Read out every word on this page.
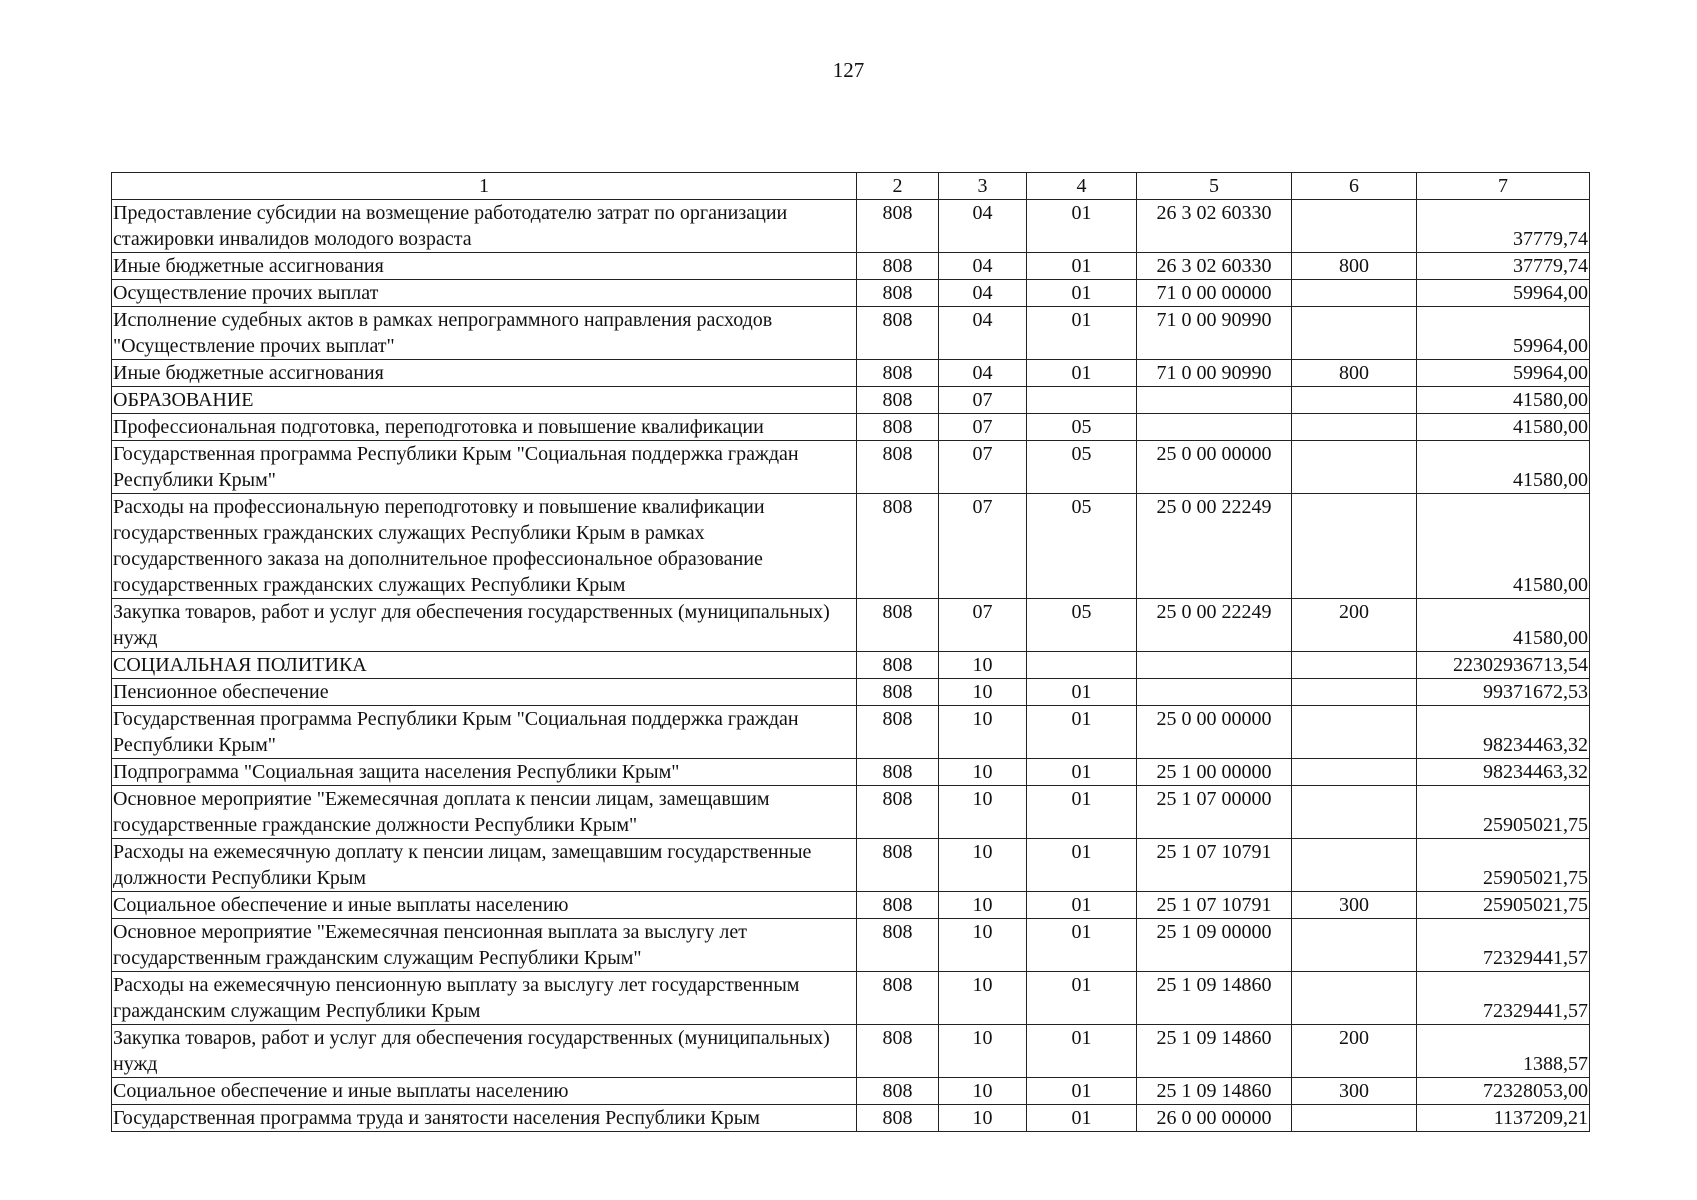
127
1	2	3	4	5	6	7
Предоставление субсидии на возмещение работодателю затрат по организации стажировки инвалидов молодого возраста	808	04	01	26 3 02 60330		37779,74
Иные бюджетные ассигнования	808	04	01	26 3 02 60330	800	37779,74
Осуществление прочих выплат	808	04	01	71 0 00 00000		59964,00
Исполнение судебных актов в рамках непрограммного направления расходов "Осуществление прочих выплат"	808	04	01	71 0 00 90990		59964,00
Иные бюджетные ассигнования	808	04	01	71 0 00 90990	800	59964,00
ОБРАЗОВАНИЕ	808	07				41580,00
Профессиональная подготовка, переподготовка и повышение квалификации	808	07	05			41580,00
Государственная программа Республики Крым "Социальная поддержка граждан Республики Крым"	808	07	05	25 0 00 00000		41580,00
Расходы на профессиональную переподготовку и повышение квалификации государственных гражданских служащих Республики Крым в рамках государственного заказа на дополнительное профессиональное образование государственных гражданских служащих Республики Крым	808	07	05	25 0 00 22249		41580,00
Закупка товаров, работ и услуг для обеспечения государственных (муниципальных) нужд	808	07	05	25 0 00 22249	200	41580,00
СОЦИАЛЬНАЯ ПОЛИТИКА	808	10				22302936713,54
Пенсионное обеспечение	808	10	01			99371672,53
Государственная программа Республики Крым "Социальная поддержка граждан Республики Крым"	808	10	01	25 0 00 00000		98234463,32
Подпрограмма "Социальная защита населения Республики Крым"	808	10	01	25 1 00 00000		98234463,32
Основное мероприятие "Ежемесячная доплата к пенсии лицам, замещавшим государственные гражданские должности Республики Крым"	808	10	01	25 1 07 00000		25905021,75
Расходы на ежемесячную доплату к пенсии лицам, замещавшим государственные должности Республики Крым	808	10	01	25 1 07 10791		25905021,75
Социальное обеспечение и иные выплаты населению	808	10	01	25 1 07 10791	300	25905021,75
Основное мероприятие "Ежемесячная пенсионная выплата за выслугу лет государственным гражданским служащим Республики Крым"	808	10	01	25 1 09 00000		72329441,57
Расходы на ежемесячную пенсионную выплату за выслугу лет государственным гражданским служащим Республики Крым	808	10	01	25 1 09 14860		72329441,57
Закупка товаров, работ и услуг для обеспечения государственных (муниципальных) нужд	808	10	01	25 1 09 14860	200	1388,57
Социальное обеспечение и иные выплаты населению	808	10	01	25 1 09 14860	300	72328053,00
Государственная программа труда и занятости населения Республики Крым	808	10	01	26 0 00 00000		1137209,21
